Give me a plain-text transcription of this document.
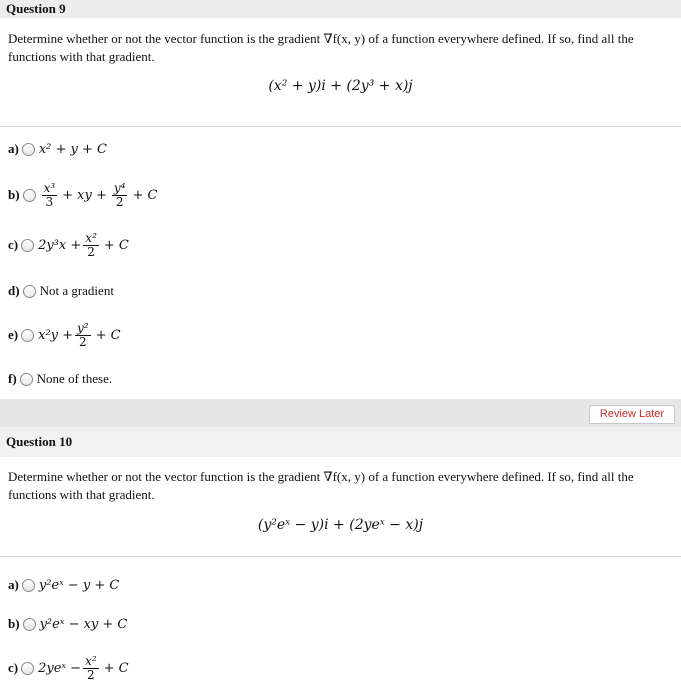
Question 9
Determine whether or not the vector function is the gradient ∇f(x, y) of a function everywhere defined. If so, find all the functions with that gradient.
(x² + y)i + (2y³ + x)j
a) x² + y + C
$b) \frac{\text{x³}}{3}$ + xy + $\frac{\text{y⁴}}{2} + C$
c) $2y^3x + \frac{\text{x²}}{2} + C$
d) Not a gradient
e) $x^2y + \frac{\text{y²}}{2} + C$
f) None of these.
Review Later
Question 10
Determine whether or not the vector function is the gradient ∇f(x, y) of a function everywhere defined. If so, find all the functions with that gradient.
(y²eˣ − y)i + (2yeˣ − x)j
a) y²eˣ − y + C
b) y²eˣ − xy + C
c) 2yeˣ − $\frac{\text{x²}}{2} + C$
